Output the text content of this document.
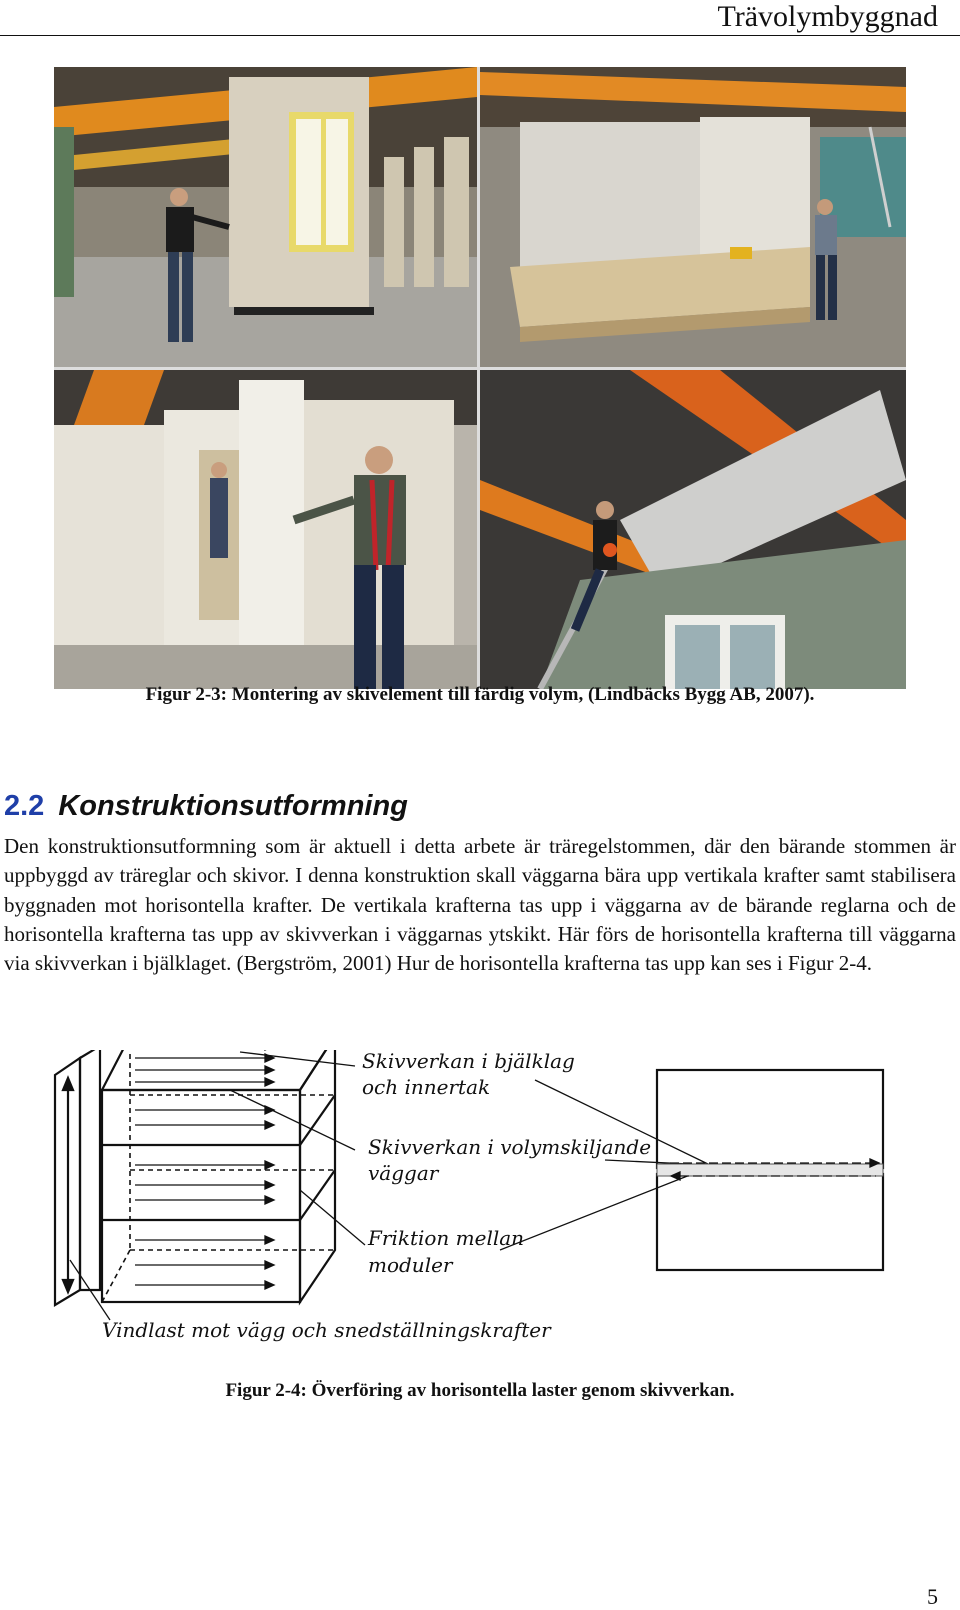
Trävolymbyggnad
Figur 2-3: Montering av skivelement till färdig volym, (Lindbäcks Bygg AB, 2007).
2.2 Konstruktionsutformning

Den konstruktionsutformning som är aktuell i detta arbete är träregelstommen, där den bärande stommen är uppbyggd av träreglar och skivor. I denna konstruktion skall väggarna bära upp vertikala krafter samt stabilisera byggnaden mot horisontella krafter. De vertikala krafterna tas upp i väggarna av de bärande reglarna och de horisontella krafterna tas upp av skivverkan i väggarnas ytskikt. Här förs de horisontella krafterna till väggarna via skivverkan i bjälklaget. (Bergström, 2001) Hur de horisontella krafterna tas upp kan ses i Figur 2-4.

Skivverkan i bjälklag
och innertak
Skivverkan i volymskiljande
väggar
Friktion mellan
moduler
Vindlast mot vägg och snedställningskrafter
Figur 2-4: Överföring av horisontella laster genom skivverkan.
5
